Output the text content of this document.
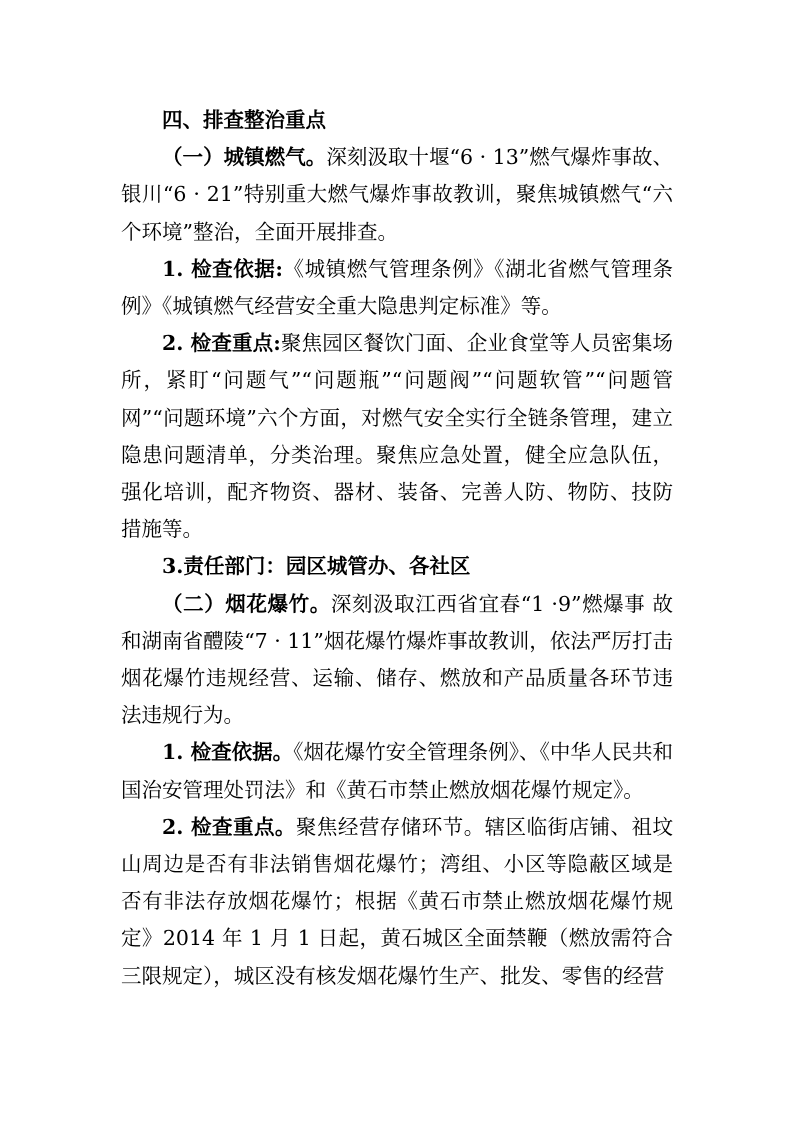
四、排查整治重点

（一）城镇燃气。深刻汲取十堰“6 · 13”燃气爆炸事故、银川“6 · 21”特别重大燃气爆炸事故教训，聚焦城镇燃气“六个环境”整治，全面开展排查。

1. 检查依据:《城镇燃气管理条例》《湖北省燃气管理条例》《城镇燃气经营安全重大隐患判定标准》等。

2. 检查重点:聚焦园区餐饮门面、企业食堂等人员密集场所，紧盯“问题气”“问题瓶”“问题阀”“问题软管”“问题管网”“问题环境”六个方面，对燃气安全实行全链条管理，建立隐患问题清单，分类治理。聚焦应急处置，健全应急队伍，强化培训，配齐物资、器材、装备、完善人防、物防、技防措施等。

3.责任部门：园区城管办、各社区

（二）烟花爆竹。深刻汲取江西省宜春“1 ·9”燃爆事 故和湖南省醴陵“7 · 11”烟花爆竹爆炸事故教训，依法严厉打击烟花爆竹违规经营、运输、储存、燃放和产品质量各环节违法违规行为。

1. 检查依据。《烟花爆竹安全管理条例》、《中华人民共和国治安管理处罚法》和《黄石市禁止燃放烟花爆竹规定》。

2. 检查重点。聚焦经营存储环节。辖区临街店铺、祖坟山周边是否有非法销售烟花爆竹；湾组、小区等隐蔽区域是否有非法存放烟花爆竹；根据《黄石市禁止燃放烟花爆竹规定》2014 年 1 月 1 日起，黄石城区全面禁鞭（燃放需符合三限规定），城区没有核发烟花爆竹生产、批发、零售的经营
